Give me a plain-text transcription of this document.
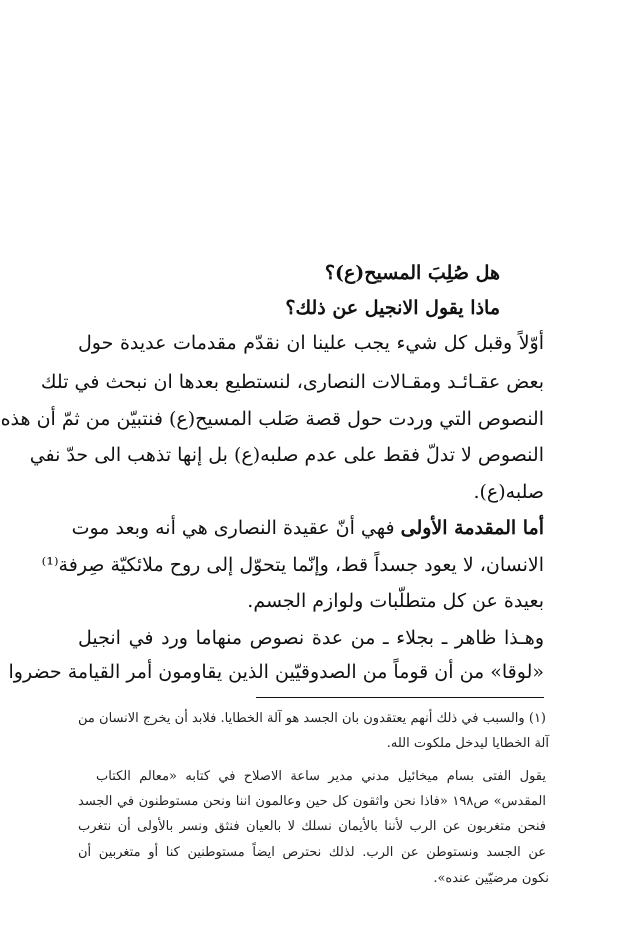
هل صُلِبَ المسيح(ع)؟
ماذا يقول الانجيل عن ذلك؟
أوّلاً وقبل كل شيء يجب علينا ان نقدّم مقدمات عديدة حول
بعض عقـائـد ومقـالات النصارى، لنستطيع بعدها ان نبحث في تلك
النصوص التي وردت حول قصة صَلب المسيح(ع) فنتبيّن من ثمّ أن هذه
النصوص لا تدلّ فقط على عدم صلبه(ع) بل إنها تذهب الى حدّ نفي
صلبه(ع).
أما المقدمة الأولى فهي أنّ عقيدة النصارى هي أنه وبعد موت
الانسان، لا يعود جسداً قط، وإنّما يتحوّل إلى روح ملائكيّة صِرفة⁽¹⁾
بعيدة عن كل متطلّبات ولوازم الجسم.
وهـذا ظاهر ـ بجلاء ـ من عدة نصوص منهاما ورد في انجيل
«لوقا» من أن قوماً من الصدوقيّين الذين يقاومون أمر القيامة حضروا
(١) والسبب في ذلك أنهم يعتقدون بان الجسد هو آلة الخطايا. فلابد أن يخرج الانسان من
آلة الخطايا ليدخل ملكوت الله.
يقول الفتى بسام ميخائيل مدني مدير ساعة الاصلاح في كتابه «معالم الكتاب
المقدس» ص١٩٨ «فاذا نحن واثقون كل حين وعالمون اننا ونحن مستوطنون في الجسد
فنحن متغربون عن الرب لأننا بالأيمان نسلك لا بالعيان فنثق ونسر بالأولى أن نتغرب
عن الجسد ونستوطن عن الرب. لذلك نحترص ايضاً مستوطنين كنا أو متغربين أن
نكون مرضيّين عنده».
